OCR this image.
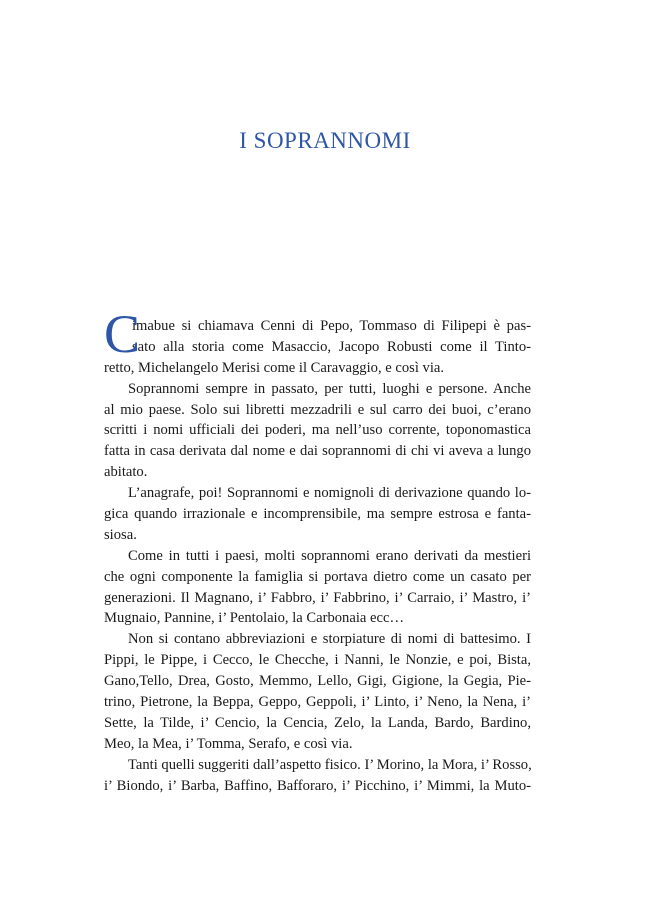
I SOPRANNOMI
C
imabue si chiamava Cenni di Pepo, Tommaso di Filipepi è pas-
sato alla storia come Masaccio, Jacopo Robusti come il Tinto-
retto, Michelangelo Merisi come il Caravaggio, e così via.
Soprannomi sempre in passato, per tutti, luoghi e persone. Anche
al mio paese. Solo sui libretti mezzadrili e sul carro dei buoi, c’erano
scritti i nomi ufficiali dei poderi, ma nell’uso corrente, toponomastica
fatta in casa derivata dal nome e dai soprannomi di chi vi aveva a lungo
abitato.
L’anagrafe, poi! Soprannomi e nomignoli di derivazione quando lo-
gica quando irrazionale e incomprensibile, ma sempre estrosa e fanta-
siosa.
Come in tutti i paesi, molti soprannomi erano derivati da mestieri
che ogni componente la famiglia si portava dietro come un casato per
generazioni. Il Magnano, i’ Fabbro, i’ Fabbrino, i’ Carraio, i’ Mastro, i’
Mugnaio, Pannine, i’ Pentolaio, la Carbonaia ecc…
Non si contano abbreviazioni e storpiature di nomi di battesimo. I
Pippi, le Pippe, i Cecco, le Checche, i Nanni, le Nonzie, e poi, Bista,
Gano,Tello, Drea, Gosto, Memmo, Lello, Gigi, Gigione, la Gegia, Pie-
trino, Pietrone, la Beppa, Geppo, Geppoli, i’ Linto, i’ Neno, la Nena, i’
Sette, la Tilde, i’ Cencio, la Cencia, Zelo, la Landa, Bardo, Bardino,
Meo, la Mea, i’ Tomma, Serafo, e così via.
Tanti quelli suggeriti dall’aspetto fisico. I’ Morino, la Mora, i’ Rosso,
i’ Biondo, i’ Barba, Baffino, Bafforaro, i’ Picchino, i’ Mimmi, la Muto-
